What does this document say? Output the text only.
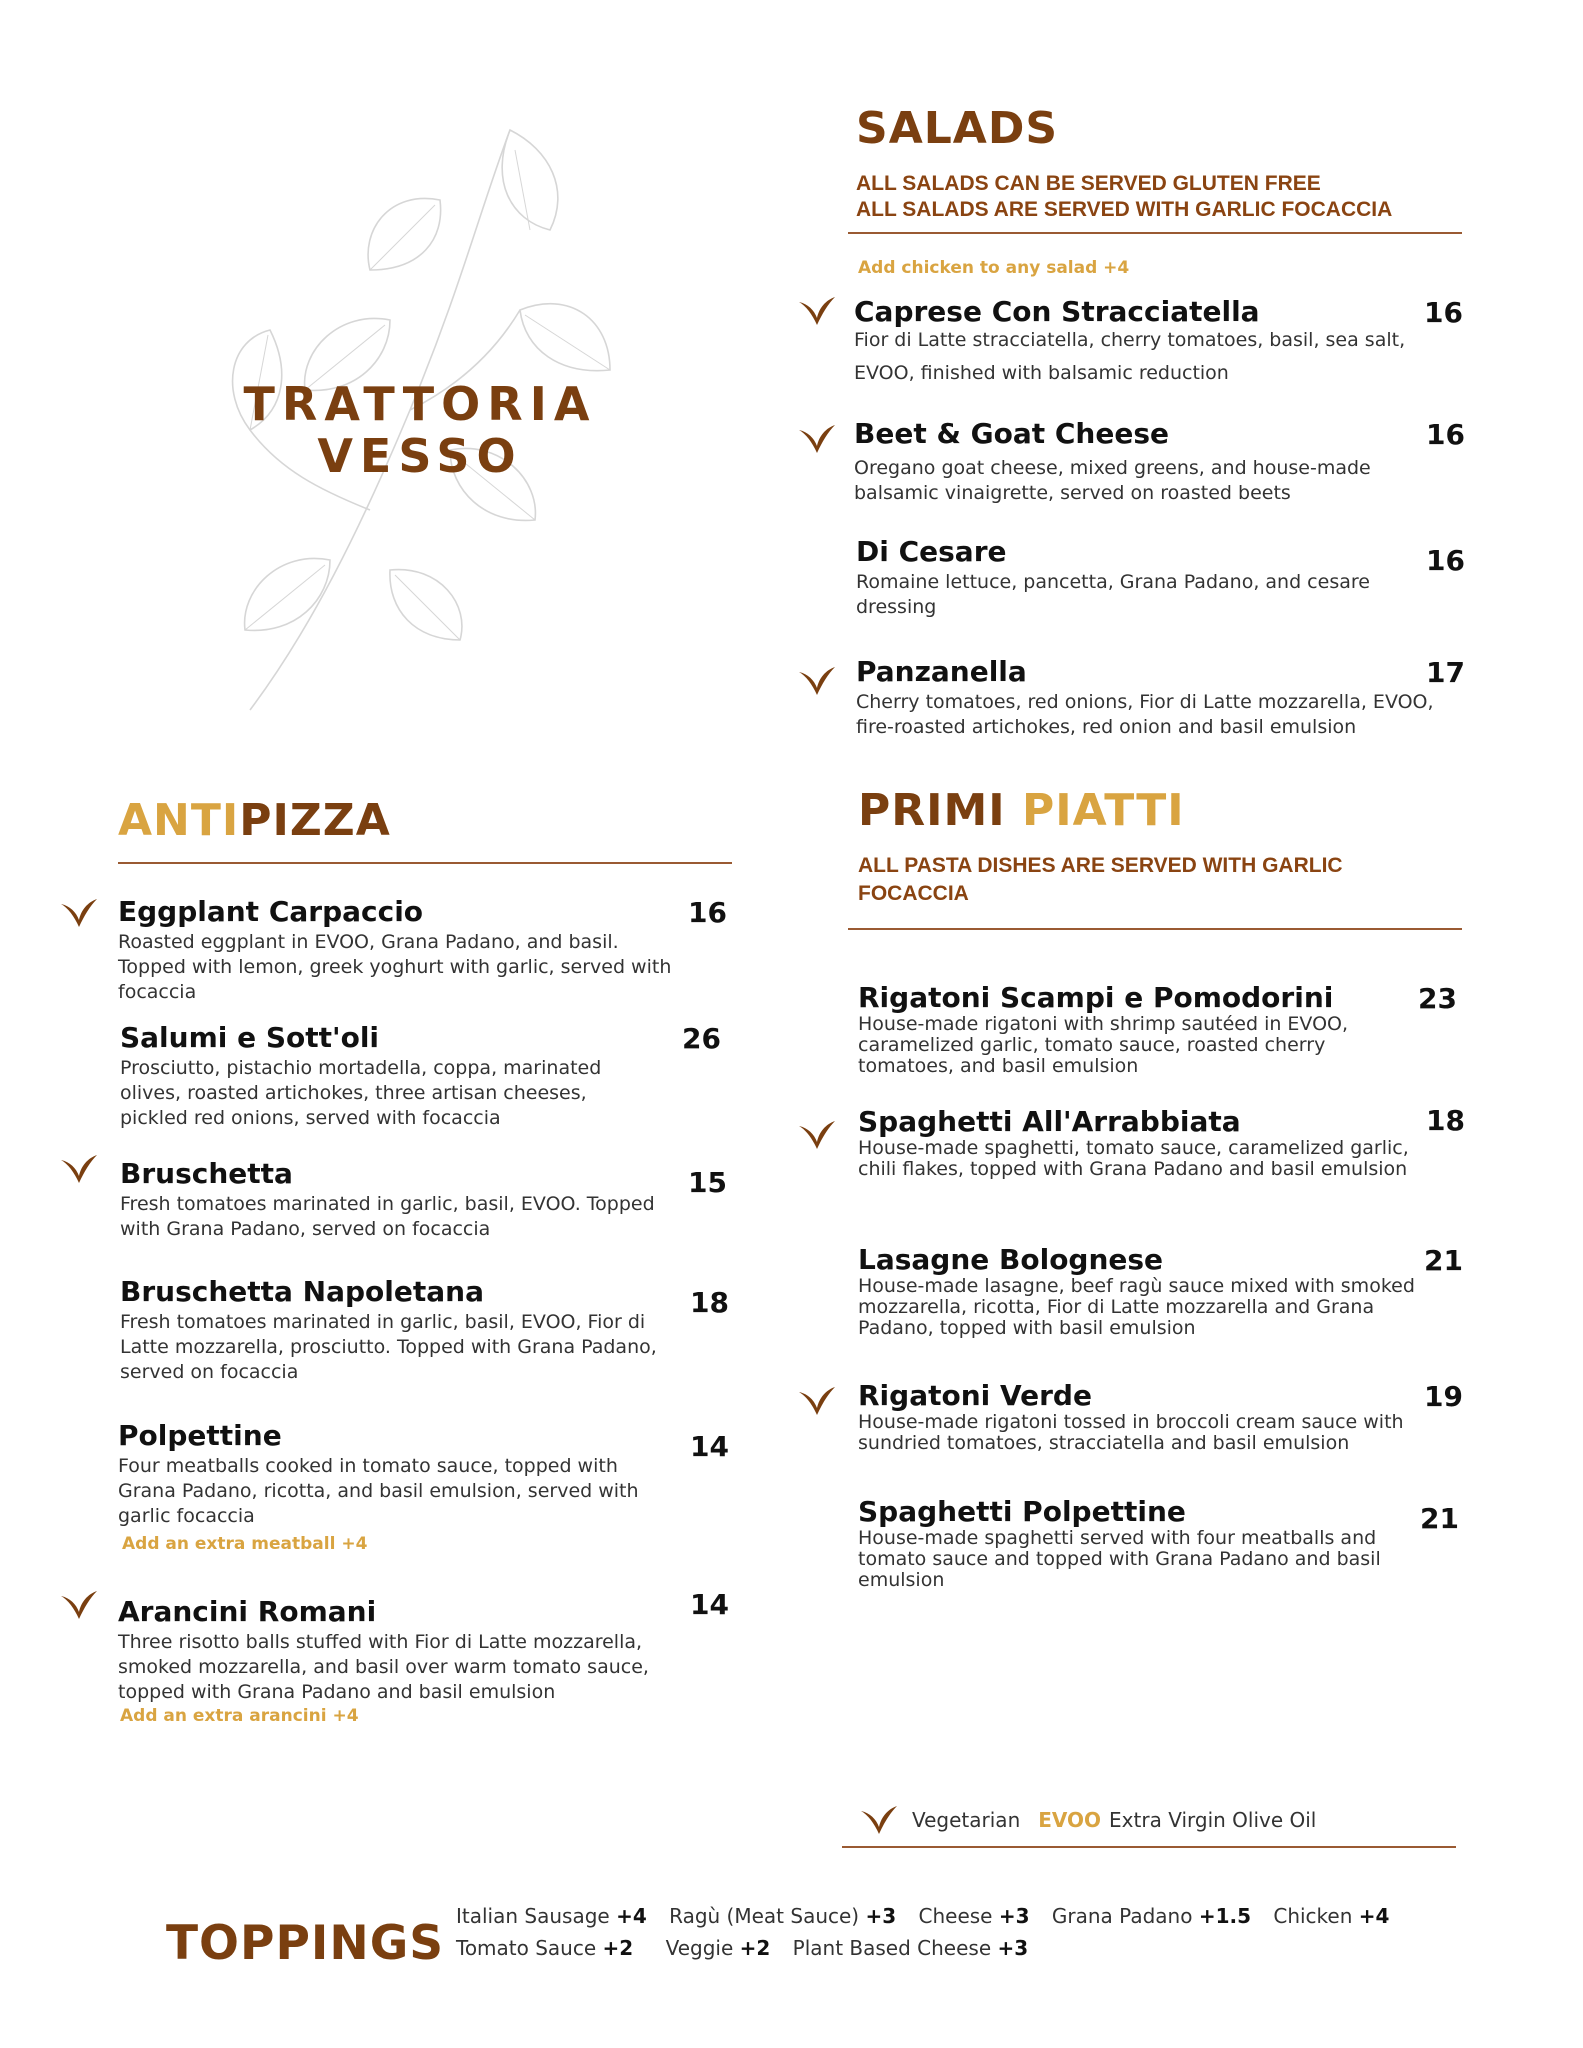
TRATTORIA
VESSO
SALADS
ALL SALADS CAN BE SERVED GLUTEN FREE
ALL SALADS ARE SERVED WITH GARLIC FOCACCIA
Add chicken to any salad +4
Caprese Con Stracciatella
Fior di Latte stracciatella, cherry tomatoes, basil, sea salt, EVOO, finished with balsamic reduction
16
Beet & Goat Cheese
Oregano goat cheese, mixed greens, and house-made balsamic vinaigrette, served on roasted beets
16
Di Cesare
Romaine lettuce, pancetta, Grana Padano, and cesare dressing
16
Panzanella
Cherry tomatoes, red onions, Fior di Latte mozzarella, EVOO, fire-roasted artichokes, red onion and basil emulsion
17
ANTIPIZZA
Eggplant Carpaccio
Roasted eggplant in EVOO, Grana Padano, and basil. Topped with lemon, greek yoghurt with garlic, served with focaccia
16
Salumi e Sott'oli
Prosciutto, pistachio mortadella, coppa, marinated olives, roasted artichokes, three artisan cheeses, pickled red onions, served with focaccia
26
Bruschetta
Fresh tomatoes marinated in garlic, basil, EVOO. Topped with Grana Padano, served on focaccia
15
Bruschetta Napoletana
Fresh tomatoes marinated in garlic, basil, EVOO, Fior di Latte mozzarella, prosciutto. Topped with Grana Padano, served on focaccia
18
Polpettine
Four meatballs cooked in tomato sauce, topped with Grana Padano, ricotta, and basil emulsion, served with garlic focaccia
Add an extra meatball +4
14
Arancini Romani
Three risotto balls stuffed with Fior di Latte mozzarella, smoked mozzarella, and basil over warm tomato sauce, topped with Grana Padano and basil emulsion
Add an extra arancini +4
14
PRIMI PIATTI
ALL PASTA DISHES ARE SERVED WITH GARLIC
FOCACCIA
Rigatoni Scampi e Pomodorini
House-made rigatoni with shrimp sautéed in EVOO, caramelized garlic, tomato sauce, roasted cherry tomatoes, and basil emulsion
23
Spaghetti All'Arrabbiata
House-made spaghetti, tomato sauce, caramelized garlic, chili flakes, topped with Grana Padano and basil emulsion
18
Lasagne Bolognese
House-made lasagne, beef ragù sauce mixed with smoked mozzarella, ricotta, Fior di Latte mozzarella and Grana Padano, topped with basil emulsion
21
Rigatoni Verde
House-made rigatoni tossed in broccoli cream sauce with sundried tomatoes, stracciatella and basil emulsion
19
Spaghetti Polpettine
House-made spaghetti served with four meatballs and tomato sauce and topped with Grana Padano and basil emulsion
21
Vegetarian EVOO Extra Virgin Olive Oil
TOPPINGS Italian Sausage +4 Ragù (Meat Sauce) +3 Cheese +3 Grana Padano +1.5 Chicken +4
Tomato Sauce +2 Veggie +2 Plant Based Cheese +3
